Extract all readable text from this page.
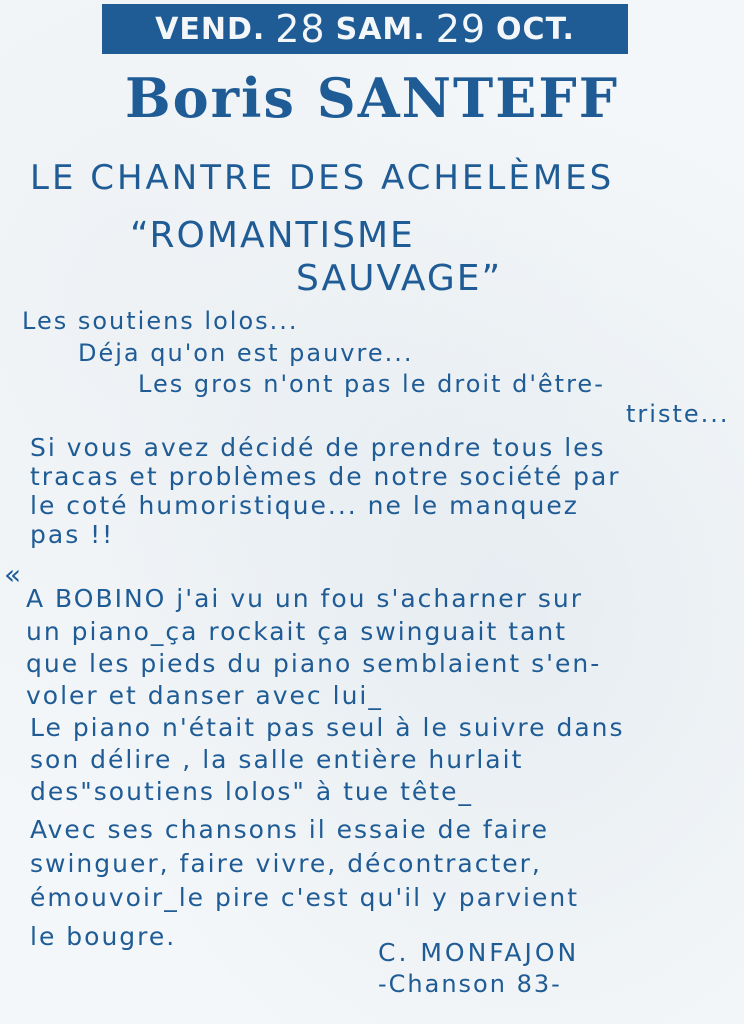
VEND. 28 SAM. 29 OCT.
Boris SANTEFF
LE CHANTRE DES ACHELÈMES
“ROMANTISME
SAUVAGE”
Les soutiens lolos...
Déja qu'on est pauvre...
Les gros n'ont pas le droit d'être-
triste...
Si vous avez décidé de prendre tous les
tracas et problèmes de notre société par
le coté humoristique... ne le manquez
pas !!
«
A BOBINO j'ai vu un fou s'acharner sur
un piano_ça rockait ça swinguait tant
que les pieds du piano semblaient s'en-
voler et danser avec lui_
Le piano n'était pas seul à le suivre dans
son délire , la salle entière hurlait
des"soutiens lolos" à tue tête_
Avec ses chansons il essaie de faire
swinguer, faire vivre, décontracter,
émouvoir_le pire c'est qu'il y parvient
le bougre.
C. MONFAJON
-Chanson 83-
